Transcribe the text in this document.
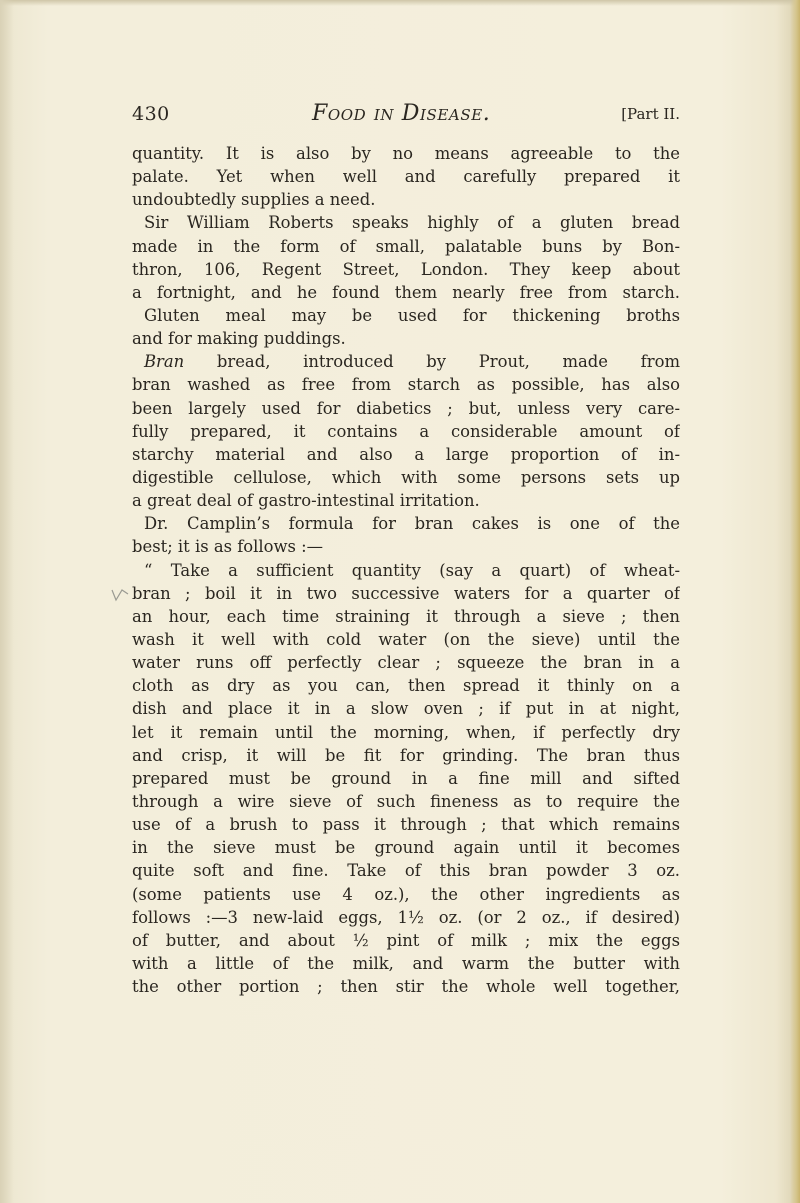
430	Food in Disease.	[Part II.
quantity. It is also by no means agreeable to the
palate. Yet when well and carefully prepared it
undoubtedly supplies a need.
Sir William Roberts speaks highly of a gluten bread
made in the form of small, palatable buns by Bon-
thron, 106, Regent Street, London. They keep about
a fortnight, and he found them nearly free from starch.
Gluten meal may be used for thickening broths
and for making puddings.
Bran bread, introduced by Prout, made from
bran washed as free from starch as possible, has also
been largely used for diabetics ; but, unless very care-
fully prepared, it contains a considerable amount of
starchy material and also a large proportion of in-
digestible cellulose, which with some persons sets up
a great deal of gastro-intestinal irritation.
Dr. Camplin’s formula for bran cakes is one of the
best; it is as follows :—
“ Take a sufficient quantity (say a quart) of wheat-
bran ; boil it in two successive waters for a quarter of
an hour, each time straining it through a sieve ; then
wash it well with cold water (on the sieve) until the
water runs off perfectly clear ; squeeze the bran in a
cloth as dry as you can, then spread it thinly on a
dish and place it in a slow oven ; if put in at night,
let it remain until the morning, when, if perfectly dry
and crisp, it will be fit for grinding. The bran thus
prepared must be ground in a fine mill and sifted
through a wire sieve of such fineness as to require the
use of a brush to pass it through ; that which remains
in the sieve must be ground again until it becomes
quite soft and fine. Take of this bran powder 3 oz.
(some patients use 4 oz.), the other ingredients as
follows :—3 new-laid eggs, 1½ oz. (or 2 oz., if desired)
of butter, and about ½ pint of milk ; mix the eggs
with a little of the milk, and warm the butter with
the other portion ; then stir the whole well together,
